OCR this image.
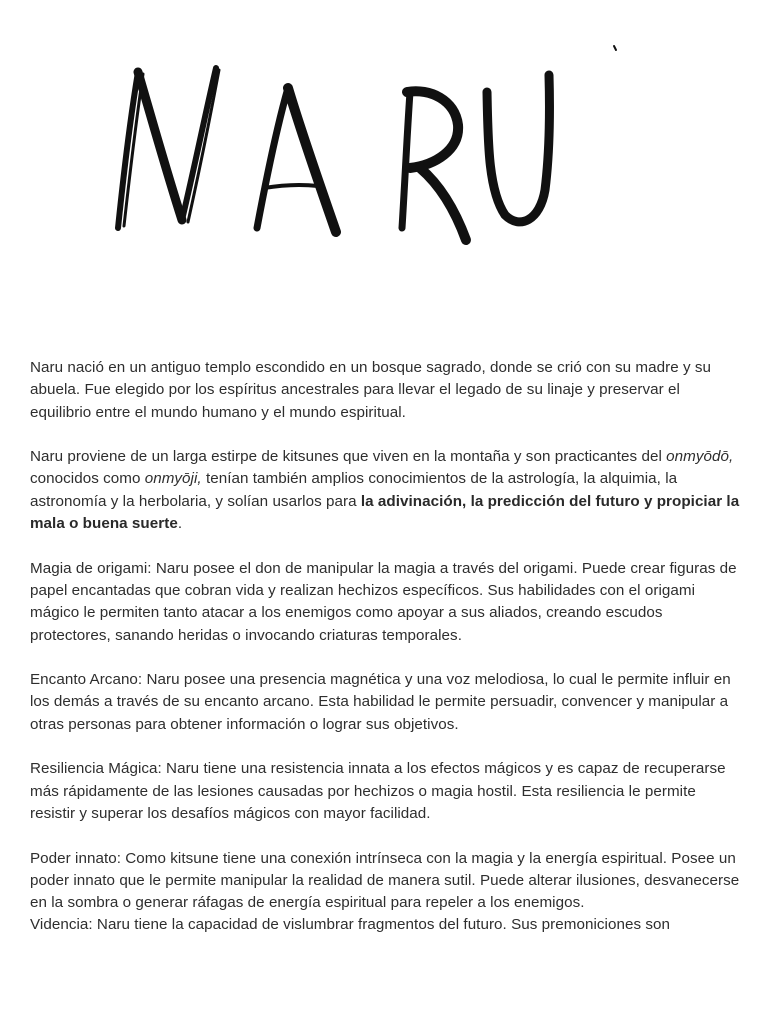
Naru nació en un antiguo templo escondido en un bosque sagrado, donde se crió con su madre y su abuela. Fue elegido por los espíritus ancestrales para llevar el legado de su linaje y preservar el equilibrio entre el mundo humano y el mundo espiritual.

Naru proviene de un larga estirpe de kitsunes que viven en la montaña y son practicantes del onmyōdō, conocidos como onmyōji, tenían también amplios conocimientos de la astrología, la alquimia, la astronomía y la herbolaria, y solían usarlos para la adivinación, la predicción del futuro y propiciar la mala o buena suerte.

Magia de origami: Naru posee el don de manipular la magia a través del origami. Puede crear figuras de papel encantadas que cobran vida y realizan hechizos específicos. Sus habilidades con el origami mágico le permiten tanto atacar a los enemigos como apoyar a sus aliados, creando escudos protectores, sanando heridas o invocando criaturas temporales.

Encanto Arcano: Naru posee una presencia magnética y una voz melodiosa, lo cual le permite influir en los demás a través de su encanto arcano. Esta habilidad le permite persuadir, convencer y manipular a otras personas para obtener información o lograr sus objetivos.

Resiliencia Mágica: Naru tiene una resistencia innata a los efectos mágicos y es capaz de recuperarse más rápidamente de las lesiones causadas por hechizos o magia hostil. Esta resiliencia le permite resistir y superar los desafíos mágicos con mayor facilidad.

Poder innato: Como kitsune tiene una conexión intrínseca con la magia y la energía espiritual. Posee un poder innato que le permite manipular la realidad de manera sutil. Puede alterar ilusiones, desvanecerse en la sombra o generar ráfagas de energía espiritual para repeler a los enemigos.

Videncia: Naru tiene la capacidad de vislumbrar fragmentos del futuro. Sus premoniciones son
